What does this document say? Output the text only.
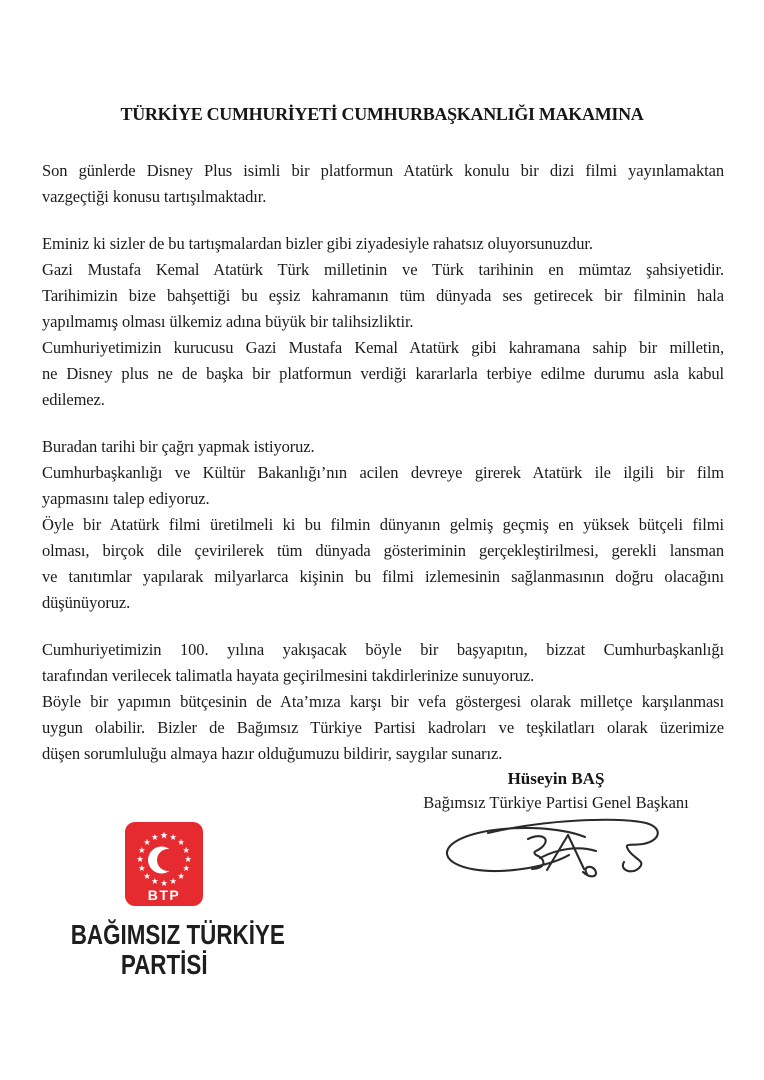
TÜRKİYE CUMHURİYETİ CUMHURBAŞKANLIĞI MAKAMINA
Son günlerde Disney Plus isimli bir platformun Atatürk konulu bir dizi filmi yayınlamaktan
vazgeçtiği konusu tartışılmaktadır.
Eminiz ki sizler de bu tartışmalardan bizler gibi ziyadesiyle rahatsız oluyorsunuzdur.
Gazi Mustafa Kemal Atatürk Türk milletinin ve Türk tarihinin en mümtaz şahsiyetidir.
Tarihimizin bize bahşettiği bu eşsiz kahramanın tüm dünyada ses getirecek bir filminin hala
yapılmamış olması ülkemiz adına büyük bir talihsizliktir.
Cumhuriyetimizin kurucusu Gazi Mustafa Kemal Atatürk gibi kahramana sahip bir milletin,
ne Disney plus ne de başka bir platformun verdiği kararlarla terbiye edilme durumu asla kabul
edilemez.
Buradan tarihi bir çağrı yapmak istiyoruz.
Cumhurbaşkanlığı ve Kültür Bakanlığı’nın acilen devreye girerek Atatürk ile ilgili bir film
yapmasını talep ediyoruz.
Öyle bir Atatürk filmi üretilmeli ki bu filmin dünyanın gelmiş geçmiş en yüksek bütçeli filmi
olması, birçok dile çevirilerek tüm dünyada gösteriminin gerçekleştirilmesi, gerekli lansman
ve tanıtımlar yapılarak milyarlarca kişinin bu filmi izlemesinin sağlanmasının doğru olacağını
düşünüyoruz.
Cumhuriyetimizin 100. yılına yakışacak böyle bir başyapıtın, bizzat Cumhurbaşkanlığı
tarafından verilecek talimatla hayata geçirilmesini takdirlerinize sunuyoruz.
Böyle bir yapımın bütçesinin de Ata’mıza karşı bir vefa göstergesi olarak milletçe karşılanması
uygun olabilir. Bizler de Bağımsız Türkiye Partisi kadroları ve teşkilatları olarak üzerimize
düşen sorumluluğu almaya hazır olduğumuzu bildirir, saygılar sunarız.
Hüseyin BAŞ
Bağımsız Türkiye Partisi Genel Başkanı
★ ★
★
★
★
★
★
★
★
★
★
★
★
★
★
★
BTP
BAĞIMSIZ TÜRKİYE
PARTİSİ
